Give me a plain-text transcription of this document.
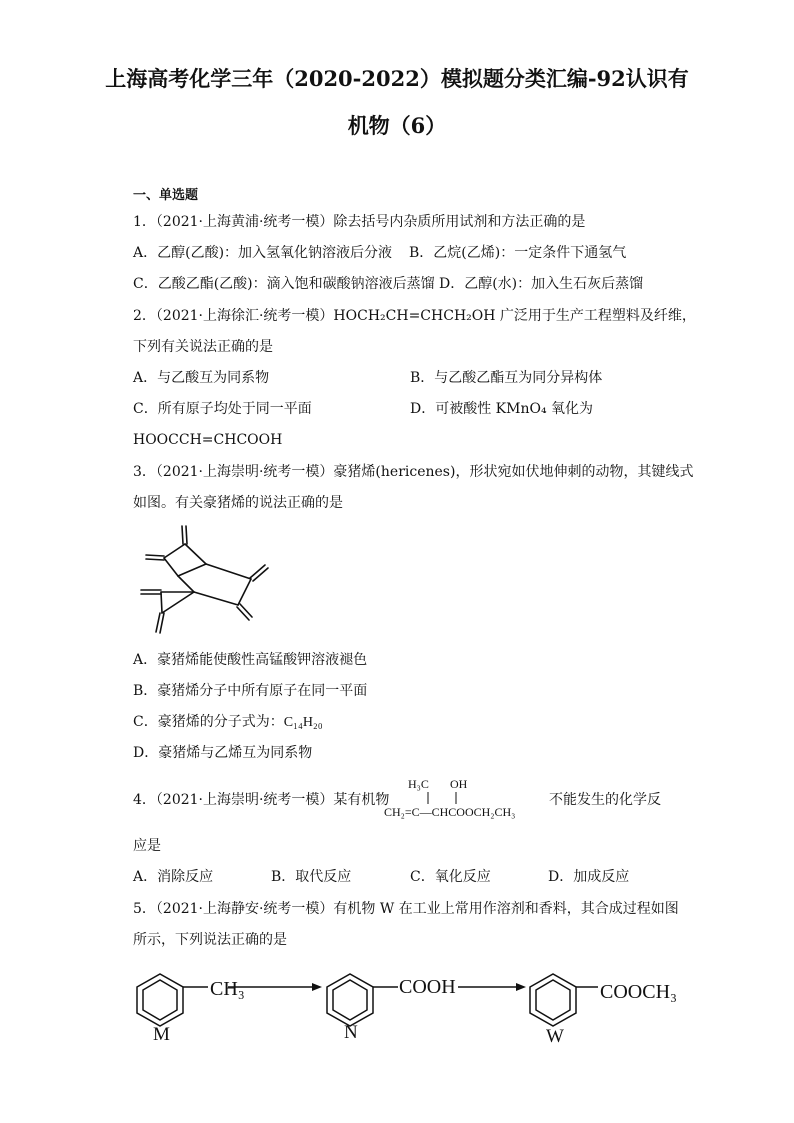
上海高考化学三年（2020-2022）模拟题分类汇编-92认识有
机物（6）
一、单选题
1．（2021·上海黄浦·统考一模）除去括号内杂质所用试剂和方法正确的是
A．乙醇(乙酸)：加入氢氧化钠溶液后分液 B．乙烷(乙烯)：一定条件下通氢气
C．乙酸乙酯(乙酸)：滴入饱和碳酸钠溶液后蒸馏 D．乙醇(水)：加入生石灰后蒸馏
2．（2021·上海徐汇·统考一模）HOCH₂CH=CHCH₂OH 广泛用于生产工程塑料及纤维，
下列有关说法正确的是
A．与乙酸互为同系物	B．与乙酸乙酯互为同分异构体
C．所有原子均处于同一平面	D．可被酸性 KMnO₄ 氧化为
HOOCCH=CHCOOH
3．（2021·上海崇明·统考一模）豪猪烯(hericenes)，形状宛如伏地伸刺的动物，其键线式
如图。有关豪猪烯的说法正确的是
A．豪猪烯能使酸性高锰酸钾溶液褪色
B．豪猪烯分子中所有原子在同一平面
C．豪猪烯的分子式为：C₁₄H₂₀
D．豪猪烯与乙烯互为同系物
4．（2021·上海崇明·统考一模）某有机物
H₃C OH
CH₂=C—CHCOOCH₂CH₃
不能发生的化学反
应是
A．消除反应	B．取代反应	C．氧化反应	D．加成反应
5．（2021·上海静安·统考一模）有机物 W 在工业上常用作溶剂和香料，其合成过程如图
所示，下列说法正确的是
CH₃	COOH	COOCH₃
M	N	W
